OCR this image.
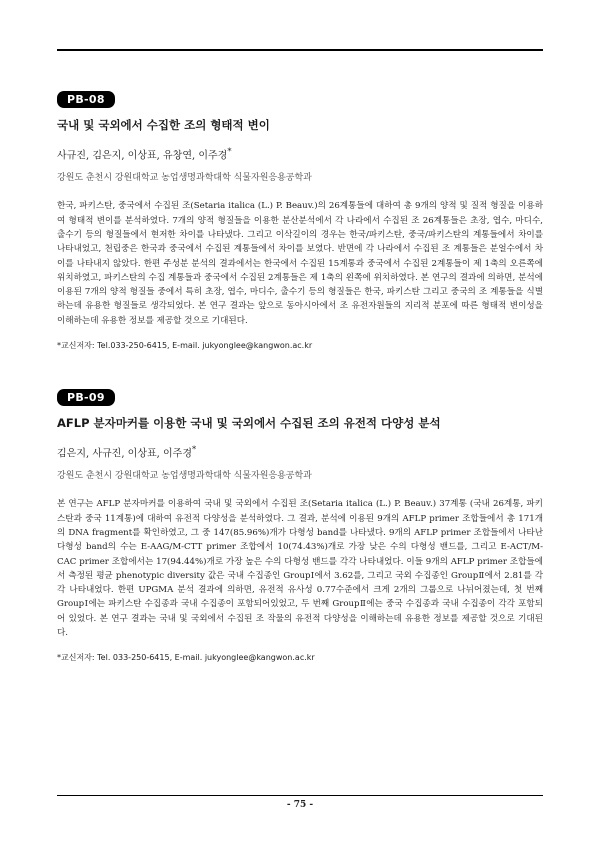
PB-08
국내 및 국외에서 수집한 조의 형태적 변이
사규진, 김은지, 이상표, 유창연, 이주경*
강원도 춘천시 강원대학교 농업생명과학대학 식물자원응용공학과

한국, 파키스탄, 중국에서 수집된 조(Setaria italica (L.) P. Beauv.)의 26계통들에 대하여 총 9개의 양적 및 질적 형질을 이용하여 형태적 변이를 분석하였다. 7개의 양적 형질들을 이용한 분산분석에서 각 나라에서 수집된 조 26계통들은 초장, 엽수, 마디수, 출수기 등의 형질들에서 현저한 차이를 나타냈다. 그리고 이삭길이의 경우는 한국/파키스탄, 중국/파키스탄의 계통들에서 차이를 나타내었고, 천립중은 한국과 중국에서 수집된 계통들에서 차이를 보였다. 반면에 각 나라에서 수집된 조 계통들은 분얼수에서 차이를 나타내지 않았다. 한편 주성분 분석의 결과에서는 한국에서 수집된 15계통과 중국에서 수집된 2계통들이 제 1축의 오른쪽에 위치하였고, 파키스탄의 수집 계통들과 중국에서 수집된 2계통들은 제 1축의 왼쪽에 위치하였다. 본 연구의 결과에 의하면, 분석에 이용된 7개의 양적 형질들 중에서 특히 초장, 엽수, 마디수, 출수기 등의 형질들은 한국, 파키스탄 그리고 중국의 조 계통들을 식별하는데 유용한 형질들로 생각되었다. 본 연구 결과는 앞으로 동아시아에서 조 유전자원들의 지리적 분포에 따른 형태적 변이성을 이해하는데 유용한 정보를 제공할 것으로 기대된다.

*교신저자: Tel.033-250-6415, E-mail. jukyonglee@kangwon.ac.kr
PB-09
AFLP 분자마커를 이용한 국내 및 국외에서 수집된 조의 유전적 다양성 분석
김은지, 사규진, 이상표, 이주경*
강원도 춘천시 강원대학교 농업생명과학대학 식물자원응용공학과

본 연구는 AFLP 분자마커를 이용하여 국내 및 국외에서 수집된 조(Setaria italica (L.) P. Beauv.) 37계통 (국내 26계통, 파키스탄과 중국 11계통)에 대하여 유전적 다양성을 분석하였다. 그 결과, 분석에 이용된 9개의 AFLP primer 조합들에서 총 171개의 DNA fragment를 확인하였고, 그 중 147(85.96%)개가 다형성 band를 나타냈다. 9개의 AFLP primer 조합들에서 나타난 다형성 band의 수는 E-AAG/M-CTT primer 조합에서 10(74.43%)개로 가장 낮은 수의 다형성 밴드를, 그리고 E-ACT/M-CAC primer 조합에서는 17(94.44%)개로 가장 높은 수의 다형성 밴드를 각각 나타내었다. 이들 9개의 AFLP primer 조합들에서 측정된 평균 phenotypic diversity 값은 국내 수집종인 GroupⅠ에서 3.62를, 그리고 국외 수집종인 GroupⅡ에서 2.81를 각각 나타내었다. 한편 UPGMA 분석 결과에 의하면, 유전적 유사성 0.77수준에서 크게 2개의 그룹으로 나뉘어졌는데, 첫 번째 GroupⅠ에는 파키스탄 수집종과 국내 수집종이 포함되어있었고, 두 번째 GroupⅡ에는 중국 수집종과 국내 수집종이 각각 포함되어 있었다. 본 연구 결과는 국내 및 국외에서 수집된 조 작물의 유전적 다양성을 이해하는데 유용한 정보를 제공할 것으로 기대된다.

*교신저자: Tel. 033-250-6415, E-mail. jukyonglee@kangwon.ac.kr
- 75 -
